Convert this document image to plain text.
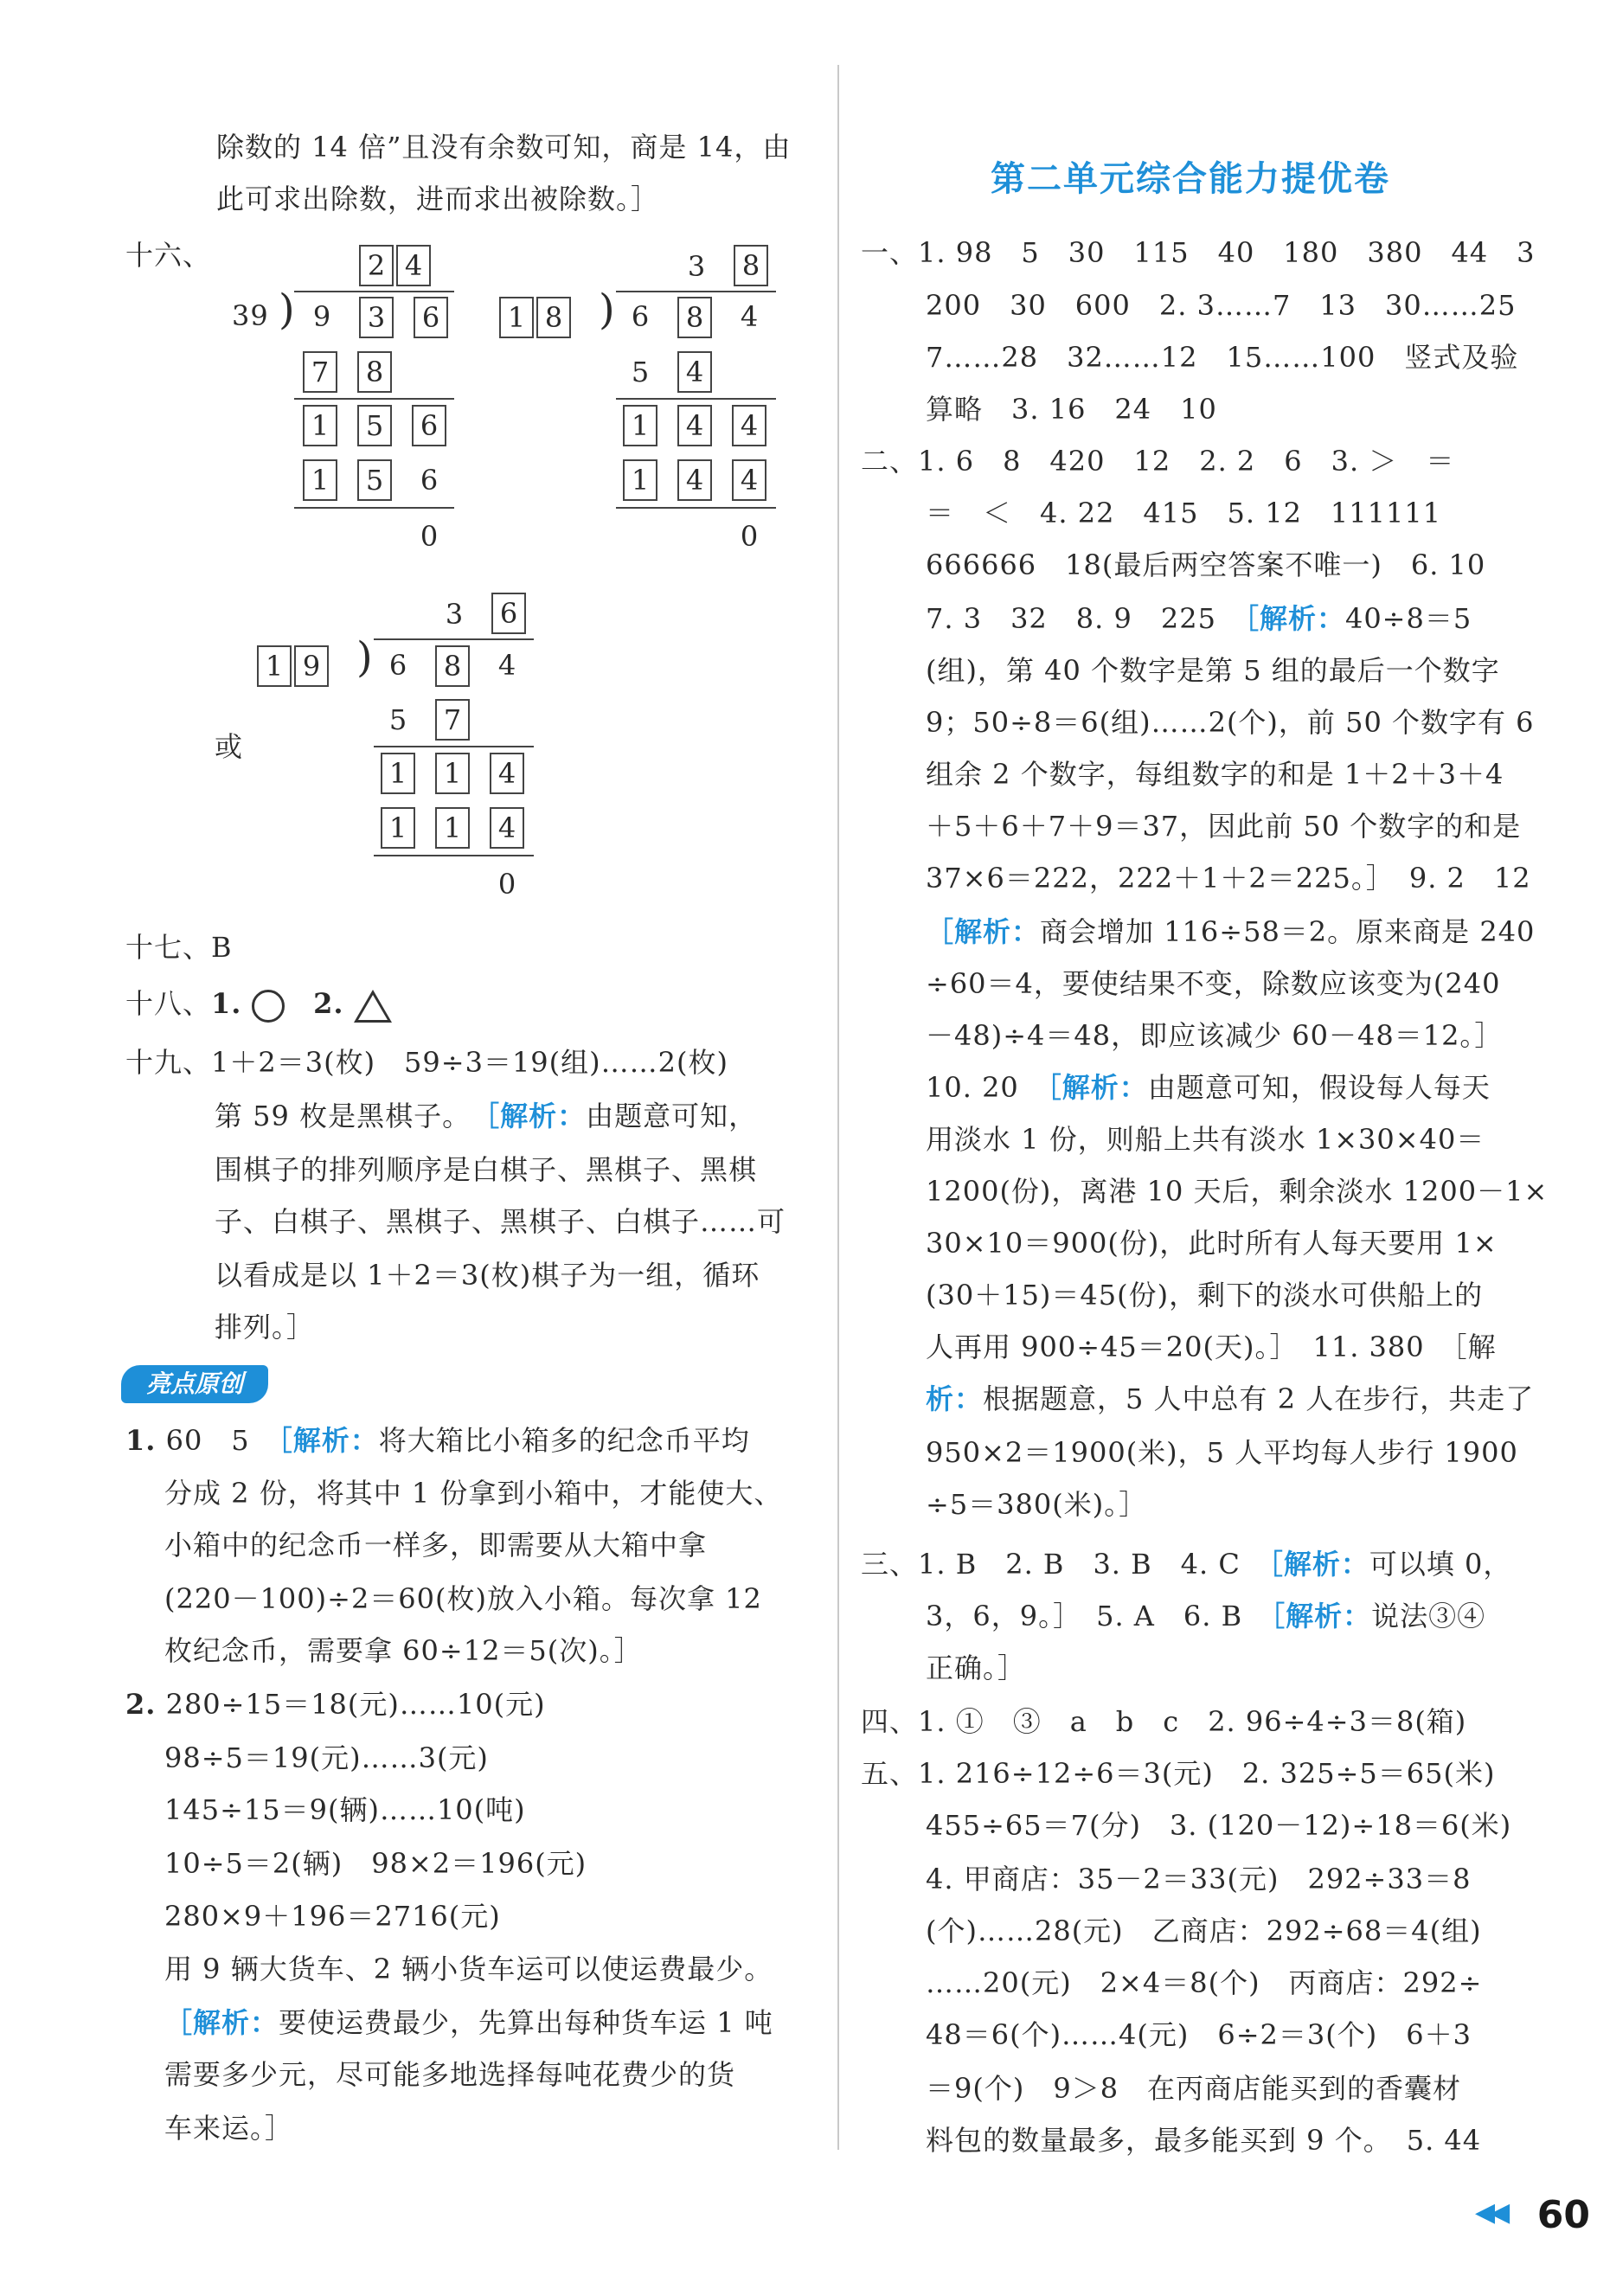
除数的 14 倍”且没有余数可知，商是 14，由
此可求出除数，进而求出被除数。］
十六、	2 4
39 ) 9	3	6
7	8
1	5	6
1	5	6
0
3	8
1 8 ) 6	8	4
5	4
1	4	4
1	4	4
0
3	6
1 9 ) 6	8	4
5	7
1	1	4
1	1	4
0
或
十七、B
十八、1.	2.
十九、1＋2＝3(枚)　59÷3＝19(组)……2(枚)
第 59 枚是黑棋子。　 ［解析：由题意可知，
围棋子的排列顺序是白棋子、黑棋子、黑棋
子、白棋子、黑棋子、黑棋子、白棋子……可
以看成是以 1＋2＝3(枚)棋子为一组，循环
排列。］
亮点原创
1. 60　5　 ［解析：将大箱比小箱多的纪念币平均
分成 2 份，将其中 1 份拿到小箱中，才能使大、
小箱中的纪念币一样多，即需要从大箱中拿
(220－100)÷2＝60(枚)放入小箱。每次拿 12
枚纪念币，需要拿 60÷12＝5(次)。］
2. 280÷15＝18(元)……10(元)
98÷5＝19(元)……3(元)
145÷15＝9(辆)……10(吨)
10÷5＝2(辆)　98×2＝196(元)
280×9＋196＝2716(元)
用 9 辆大货车、2 辆小货车运可以使运费最少。
［解析：要使运费最少，先算出每种货车运 1 吨
需要多少元，尽可能多地选择每吨花费少的货
车来运。］
第二单元综合能力提优卷
一、1. 98　5　30　115　40　180　380　44　3
200　30　600　2. 3……7　13　30……25
7……28　32……12　15……100　竖式及验
算略　3. 16　24　10
二、1. 6　8　420　12　2. 2　6　3. ＞　＝
＝　＜　4. 22　415　5. 12　111111
666666　18(最后两空答案不唯一)　6. 10
7. 3　32　8. 9　225　［解析：40÷8＝5
(组)，第 40 个数字是第 5 组的最后一个数字
9；50÷8＝6(组)……2(个)，前 50 个数字有 6
组余 2 个数字，每组数字的和是 1＋2＋3＋4
＋5＋6＋7＋9＝37，因此前 50 个数字的和是
37×6＝222，222＋1＋2＝225。］　9. 2　12
［解析：商会增加 116÷58＝2。原来商是 240
÷60＝4，要使结果不变，除数应该变为(240
－48)÷4＝48，即应该减少 60－48＝12。］
10. 20　［解析：由题意可知，假设每人每天
用淡水 1 份，则船上共有淡水 1×30×40＝
1200(份)，离港 10 天后，剩余淡水 1200－1×
30×10＝900(份)，此时所有人每天要用 1×
(30＋15)＝45(份)，剩下的淡水可供船上的
人再用 900÷45＝20(天)。］　11. 380　［解
析：根据题意，5 人中总有 2 人在步行，共走了
950×2＝1900(米)，5 人平均每人步行 1900
÷5＝380(米)。］
三、1. B　2. B　3. B　4. C　［解析：可以填 0，
3，6，9。］　5. A　6. B　［解析：说法③④
正确。］
四、1. ①　③　a　b　c　2. 96÷4÷3＝8(箱)
五、1. 216÷12÷6＝3(元)　2. 325÷5＝65(米)
455÷65＝7(分)　3. (120－12)÷18＝6(米)
4. 甲商店：35－2＝33(元)　292÷33＝8
(个)……28(元)　乙商店：292÷68＝4(组)
……20(元)　2×4＝8(个)　丙商店：292÷
48＝6(个)……4(元)　6÷2＝3(个)　6＋3
＝9(个)　9＞8　在丙商店能买到的香囊材
料包的数量最多，最多能买到 9 个。　5. 44
◀◀ 60
